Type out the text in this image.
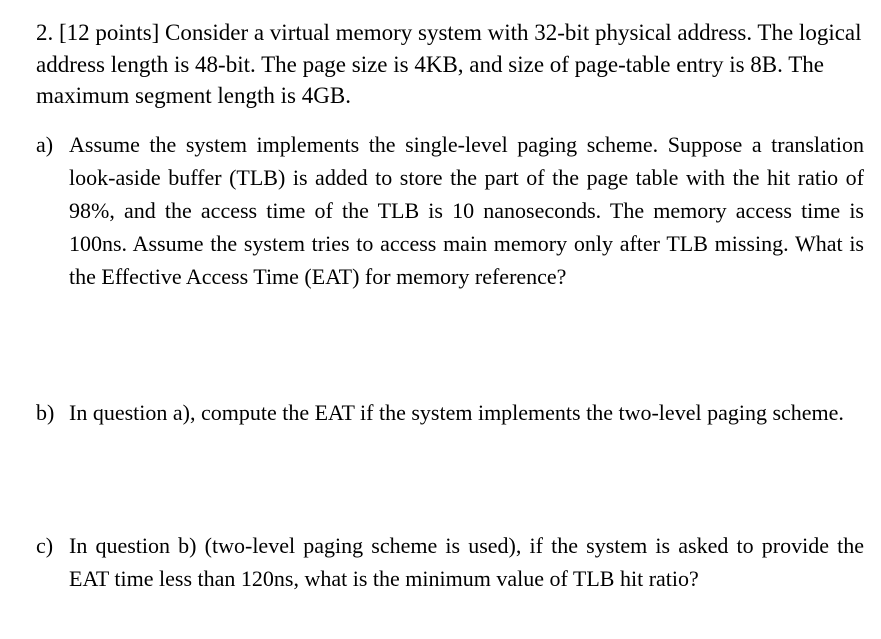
2. [12 points] Consider a virtual memory system with 32-bit physical address. The logical address length is 48-bit. The page size is 4KB, and size of page-table entry is 8B. The maximum segment length is 4GB.

a) Assume the system implements the single-level paging scheme. Suppose a translation look-aside buffer (TLB) is added to store the part of the page table with the hit ratio of 98%, and the access time of the TLB is 10 nanoseconds. The memory access time is 100ns. Assume the system tries to access main memory only after TLB missing. What is the Effective Access Time (EAT) for memory reference?

b) In question a), compute the EAT if the system implements the two-level paging scheme.

c) In question b) (two-level paging scheme is used), if the system is asked to provide the EAT time less than 120ns, what is the minimum value of TLB hit ratio?
